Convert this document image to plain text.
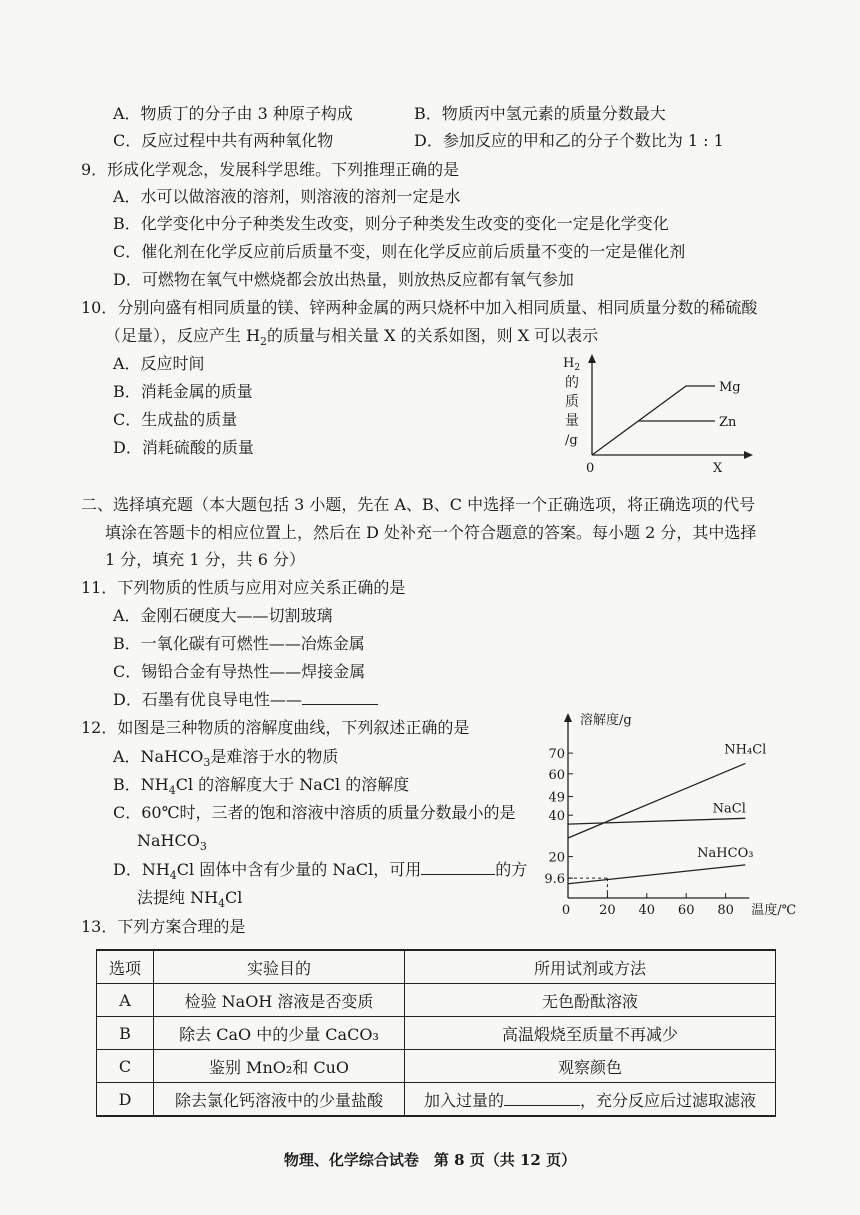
A．物质丁的分子由 3 种原子构成	B．物质丙中氢元素的质量分数最大
C．反应过程中共有两种氧化物	D．参加反应的甲和乙的分子个数比为 1 : 1
9．形成化学观念，发展科学思维。下列推理正确的是
A．水可以做溶液的溶剂，则溶液的溶剂一定是水
B．化学变化中分子种类发生改变，则分子种类发生改变的变化一定是化学变化
C．催化剂在化学反应前后质量不变，则在化学反应前后质量不变的一定是催化剂
D．可燃物在氧气中燃烧都会放出热量，则放热反应都有氧气参加
10．分别向盛有相同质量的镁、锌两种金属的两只烧杯中加入相同质量、相同质量分数的稀硫酸
（足量），反应产生 $H_2$的质量与相关量 X 的关系如图，则 X 可以表示
A．反应时间
B．消耗金属的质量
C．生成盐的质量
D．消耗硫酸的质量
$H_2$
的
质
量
/g
0	X
Mg
Zn
二、选择填充题（本大题包括 3 小题，先在 A、B、C 中选择一个正确选项，将正确选项的代号
填涂在答题卡的相应位置上，然后在 D 处补充一个符合题意的答案。每小题 2 分，其中选择
1 分，填充 1 分，共 6 分）
11．下列物质的性质与应用对应关系正确的是
A．金刚石硬度大——切割玻璃
B．一氧化碳有可燃性——冶炼金属
C．锡铅合金有导热性——焊接金属
D．石墨有优良导电性——
12．如图是三种物质的溶解度曲线，下列叙述正确的是
A．NaHCO$_3$是难溶于水的物质
B．$NH_4Cl$ 的溶解度大于 NaCl 的溶解度
C．60℃时，三者的饱和溶液中溶质的质量分数最小的是
NaHCO$_3$
D．$NH_4Cl$ 固体中含有少量的 NaCl，可用	的方
法提纯 $NH_4Cl$
溶解度/g
温度/℃
9.6
20
40
49
60
70
0 20 40 60 80
NH₄Cl
NaCl
NaHCO₃
13．下列方案合理的是
选项	实验目的	所用试剂或方法
A	检验 NaOH 溶液是否变质	无色酚酞溶液
B	除去 CaO 中的少量 CaCO₃	高温煅烧至质量不再减少
C	鉴别 MnO₂和 CuO	观察颜色
D	除去氯化钙溶液中的少量盐酸	加入过量的 ，充分反应后过滤取滤液
物理、化学综合试卷　第 8 页（共 12 页）
